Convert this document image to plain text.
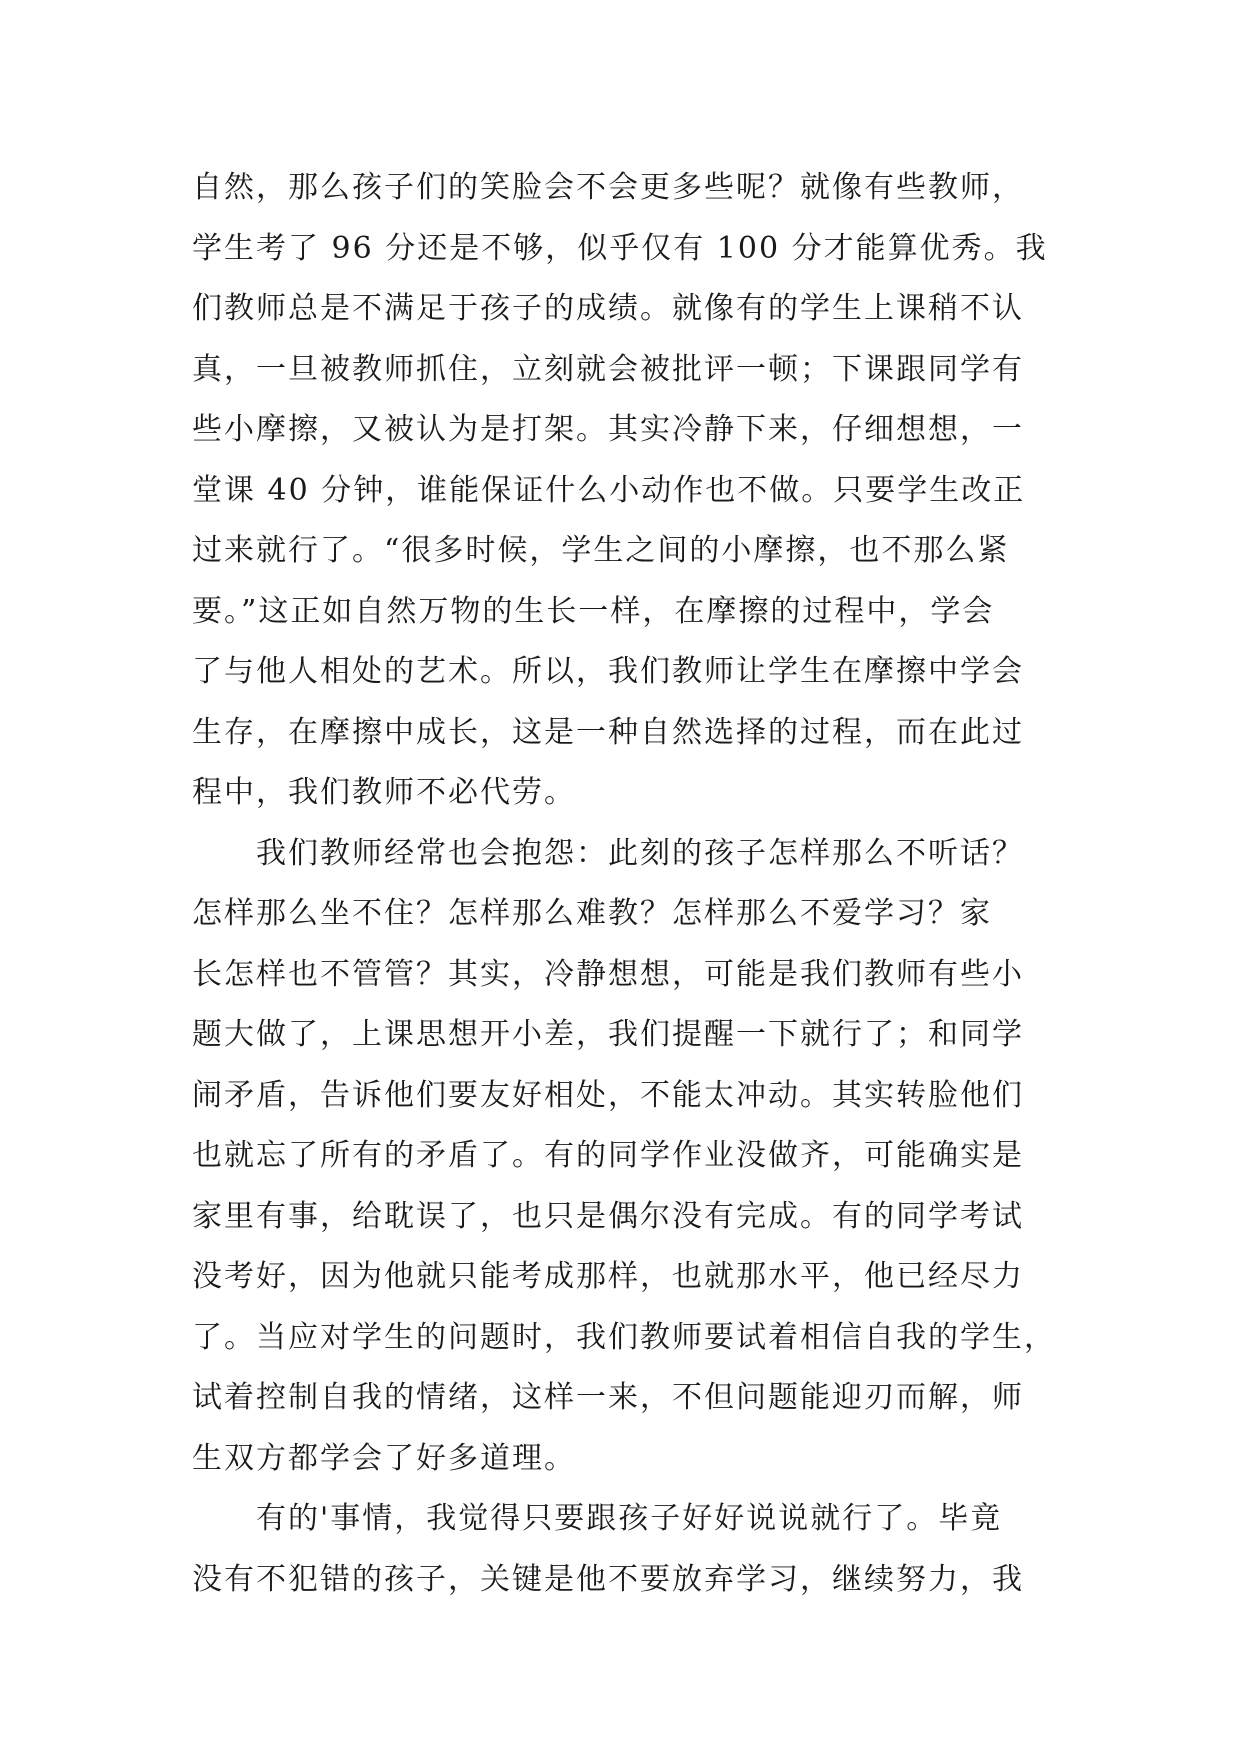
自然，那么孩子们的笑脸会不会更多些呢？就像有些教师，
学生考了 96 分还是不够，似乎仅有 100 分才能算优秀。我
们教师总是不满足于孩子的成绩。就像有的学生上课稍不认
真，一旦被教师抓住，立刻就会被批评一顿；下课跟同学有
些小摩擦，又被认为是打架。其实冷静下来，仔细想想，一
堂课 40 分钟，谁能保证什么小动作也不做。只要学生改正
过来就行了。“很多时候，学生之间的小摩擦，也不那么紧
要。”这正如自然万物的生长一样，在摩擦的过程中，学会
了与他人相处的艺术。所以，我们教师让学生在摩擦中学会
生存，在摩擦中成长，这是一种自然选择的过程，而在此过
程中，我们教师不必代劳。
我们教师经常也会抱怨：此刻的孩子怎样那么不听话？
怎样那么坐不住？怎样那么难教？怎样那么不爱学习？家
长怎样也不管管？其实，冷静想想，可能是我们教师有些小
题大做了，上课思想开小差，我们提醒一下就行了；和同学
闹矛盾，告诉他们要友好相处，不能太冲动。其实转脸他们
也就忘了所有的矛盾了。有的同学作业没做齐，可能确实是
家里有事，给耽误了，也只是偶尔没有完成。有的同学考试
没考好，因为他就只能考成那样，也就那水平，他已经尽力
了。当应对学生的问题时，我们教师要试着相信自我的学生，
试着控制自我的情绪，这样一来，不但问题能迎刃而解，师
生双方都学会了好多道理。
有的'事情，我觉得只要跟孩子好好说说就行了。毕竟
没有不犯错的孩子，关键是他不要放弃学习，继续努力，我
